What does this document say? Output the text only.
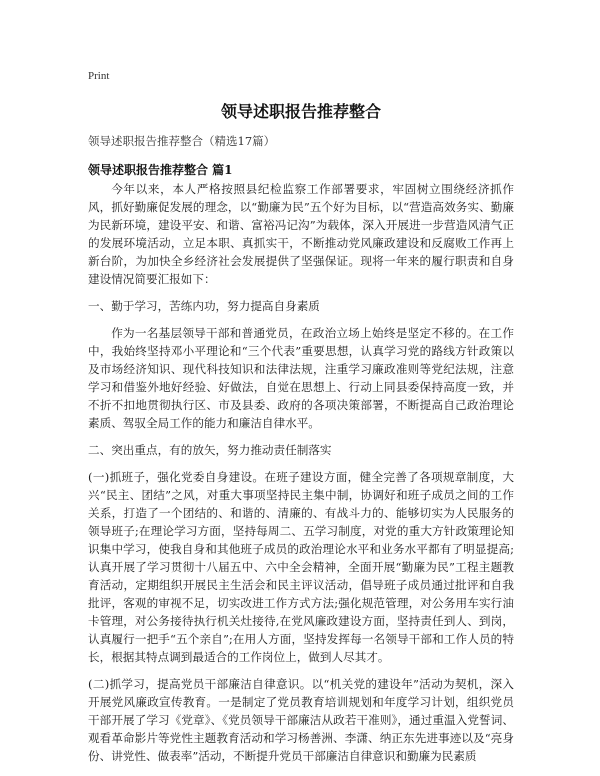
Print
领导述职报告推荐整合
领导述职报告推荐整合（精选17篇）
领导述职报告推荐整合 篇1

今年以来，本人严格按照县纪检监察工作部署要求，牢固树立围绕经济抓作风，抓好勤廉促发展的理念，以“勤廉为民”五个好为目标，以“营造高效务实、勤廉为民新环境，建设平安、和谐、富裕冯记沟”为载体，深入开展进一步营造风清气正的发展环境活动，立足本职、真抓实干，不断推动党风廉政建设和反腐败工作再上新台阶，为加快全乡经济社会发展提供了坚强保证。现将一年来的履行职责和自身建设情况简要汇报如下：

一、勤于学习，苦练内功，努力提高自身素质

作为一名基层领导干部和普通党员，在政治立场上始终是坚定不移的。在工作中，我始终坚持邓小平理论和“三个代表”重要思想，认真学习党的路线方针政策以及市场经济知识、现代科技知识和法律法规，注重学习廉政准则等党纪法规，注意学习和借鉴外地好经验、好做法，自觉在思想上、行动上同县委保持高度一致，并不折不扣地贯彻执行区、市及县委、政府的各项决策部署，不断提高自己政治理论素质、驾驭全局工作的能力和廉洁自律水平。

二、突出重点，有的放矢，努力推动责任制落实

(一)抓班子，强化党委自身建设。在班子建设方面，健全完善了各项规章制度，大兴“民主、团结”之风，对重大事项坚持民主集中制，协调好和班子成员之间的工作关系，打造了一个团结的、和谐的、清廉的、有战斗力的、能够切实为人民服务的领导班子;在理论学习方面，坚持每周二、五学习制度，对党的重大方针政策理论知识集中学习，使我自身和其他班子成员的政治理论水平和业务水平都有了明显提高;认真开展了学习贯彻十八届五中、六中全会精神，全面开展“勤廉为民”工程主题教育活动，定期组织开展民主生活会和民主评议活动，倡导班子成员通过批评和自我批评，客观的审视不足，切实改进工作方式方法;强化规范管理，对公务用车实行油卡管理，对公务接待执行机关灶接待,在党风廉政建设方面，坚持责任到人、到岗，认真履行一把手“五个亲自”;在用人方面，坚持发挥每一名领导干部和工作人员的特长，根据其特点调到最适合的工作岗位上，做到人尽其才。

(二)抓学习，提高党员干部廉洁自律意识。以“机关党的建设年”活动为契机，深入开展党风廉政宣传教育。一是制定了党员教育培训规划和年度学习计划，组织党员干部开展了学习《党章》、《党员领导干部廉洁从政若干准则》，通过重温入党誓词、观看革命影片等党性主题教育活动和学习杨善洲、李潇、纳正东先进事迹以及“亮身份、讲党性、做表率”活动，不断提升党员干部廉洁自律意识和勤廉为民素质
